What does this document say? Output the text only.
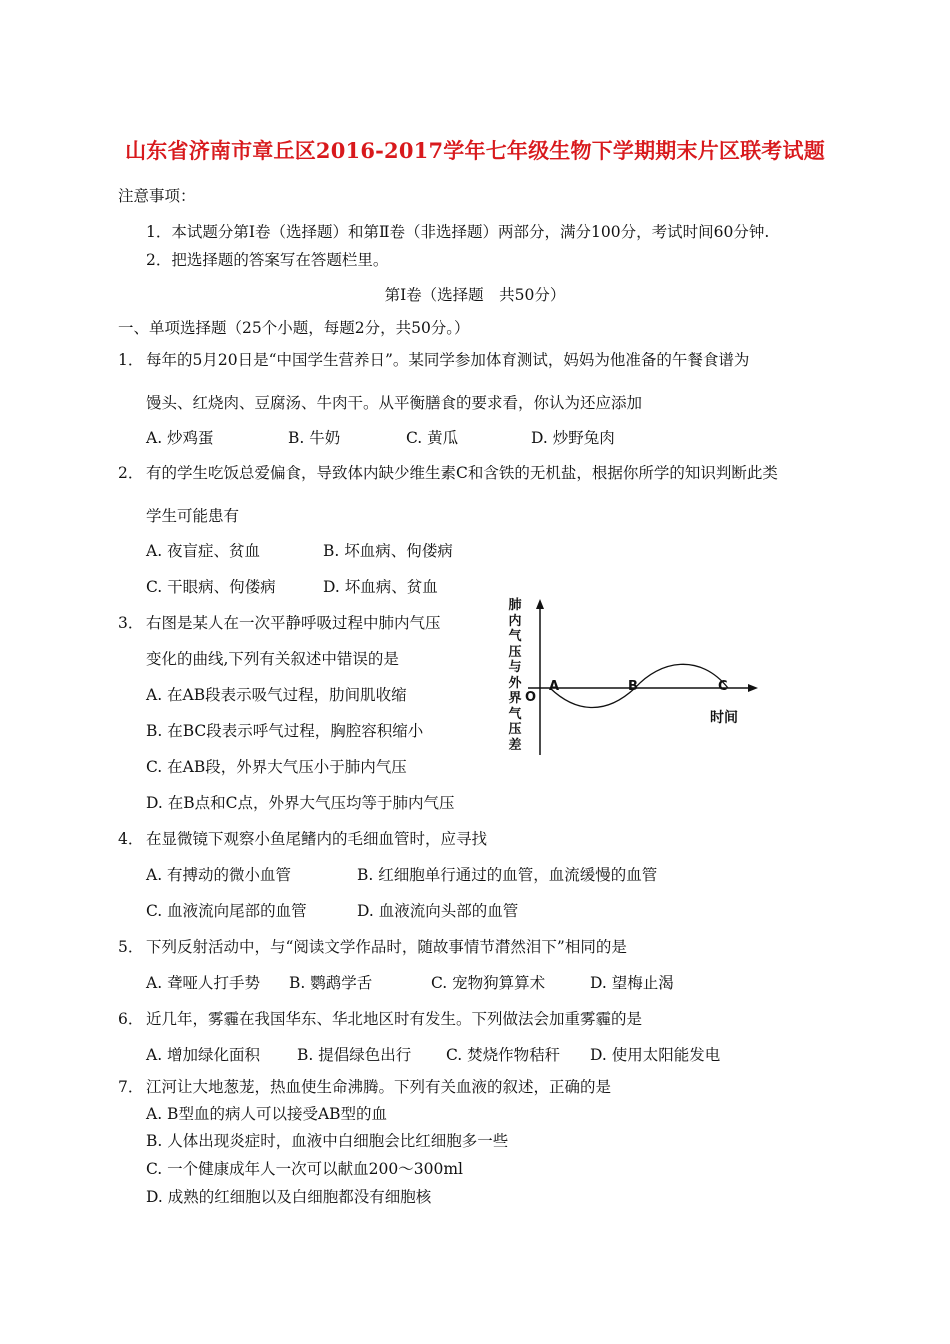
山东省济南市章丘区2016-2017学年七年级生物下学期期末片区联考试题
注意事项：
1．本试题分第Ⅰ卷（选择题）和第Ⅱ卷（非选择题）两部分，满分100分，考试时间60分钟.
2．把选择题的答案写在答题栏里。
第Ⅰ卷（选择题　共50分）
一、单项选择题（25个小题，每题2分，共50分。）
1． 每年的5月20日是“中国学生营养日”。某同学参加体育测试，妈妈为他准备的午餐食谱为
馒头、红烧肉、豆腐汤、牛肉干。从平衡膳食的要求看，你认为还应添加
A. 炒鸡蛋	B. 牛奶	C. 黄瓜	D. 炒野兔肉
2． 有的学生吃饭总爱偏食，导致体内缺少维生素C和含铁的无机盐，根据你所学的知识判断此类
学生可能患有
A. 夜盲症、贫血	B. 坏血病、佝偻病
C. 干眼病、佝偻病	D. 坏血病、贫血
3． 右图是某人在一次平静呼吸过程中肺内气压
变化的曲线,下列有关叙述中错误的是
A. 在AB段表示吸气过程，肋间肌收缩
B. 在BC段表示呼气过程，胸腔容积缩小
C. 在AB段，外界大气压小于肺内气压
D. 在B点和C点，外界大气压均等于肺内气压
肺内气压与外界气压差
O
A	B	C
时间
4． 在显微镜下观察小鱼尾鳍内的毛细血管时，应寻找
A. 有搏动的微小血管	B. 红细胞单行通过的血管，血流缓慢的血管
C. 血液流向尾部的血管	D. 血液流向头部的血管
5． 下列反射活动中，与“阅读文学作品时，随故事情节潸然泪下”相同的是
A. 聋哑人打手势 B. 鹦鹉学舌	C. 宠物狗算算术	D. 望梅止渴
6． 近几年，雾霾在我国华东、华北地区时有发生。下列做法会加重雾霾的是
A. 增加绿化面积 B. 提倡绿色出行 C. 焚烧作物秸秆 D. 使用太阳能发电
7． 江河让大地葱茏，热血使生命沸腾。下列有关血液的叙述，正确的是
A. B型血的病人可以接受AB型的血
B. 人体出现炎症时，血液中白细胞会比红细胞多一些
C. 一个健康成年人一次可以献血200～300ml
D. 成熟的红细胞以及白细胞都没有细胞核
